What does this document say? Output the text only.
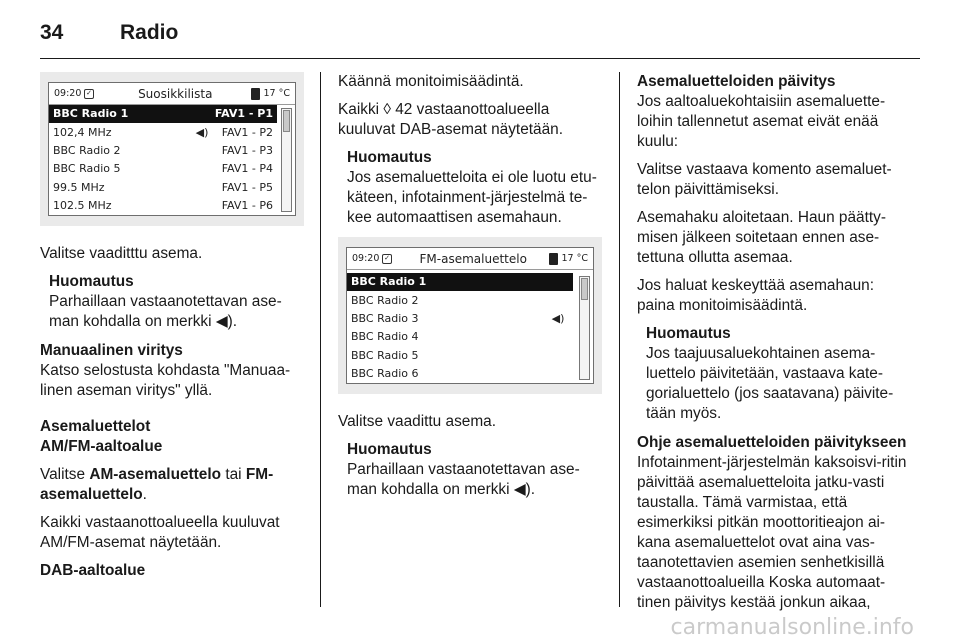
34	Radio
09:20 ✓	Suosikkilista	17 °C
BBC Radio 1	FAV1 - P1
102,4 MHz	◀)	FAV1 - P2
BBC Radio 2	FAV1 - P3
BBC Radio 5	FAV1 - P4
99.5 MHz	FAV1 - P5
102.5 MHz	FAV1 - P6
Valitse vaaditttu asema.
Huomautus
Parhaillaan vastaanotettavan ase-man kohdalla on merkki ◀).
Manuaalinen viritys
Katso selostusta kohdasta "Manuaa-linen aseman viritys" yllä.
Asemaluettelot
AM/FM-aaltoalue
Valitse AM-asemaluettelo tai FM-asemaluettelo.
Kaikki vastaanottoalueella kuuluvat AM/FM-asemat näytetään.
DAB-aaltoalue
Käännä monitoimisäädintä.
Kaikki ◊ 42 vastaanottoalueella kuuluvat DAB-asemat näytetään.
Huomautus
Jos asemaluetteloita ei ole luotu etu-käteen, infotainment-järjestelmä te-kee automaattisen asemahaun.
09:20 ✓	FM-asemaluettelo	17 °C
BBC Radio 1
BBC Radio 2
BBC Radio 3	◀)
BBC Radio 4
BBC Radio 5
BBC Radio 6
Valitse vaadittu asema.
Huomautus
Parhaillaan vastaanotettavan ase-man kohdalla on merkki ◀).
Asemaluetteloiden päivitys
Jos aaltoaluekohtaisiin asemaluette-loihin tallennetut asemat eivät enää kuulu:
Valitse vastaava komento asemaluet-telon päivittämiseksi.
Asemahaku aloitetaan. Haun päätty-misen jälkeen soitetaan ennen ase-tettuna ollutta asemaa.
Jos haluat keskeyttää asemahaun: paina monitoimisäädintä.
Huomautus
Jos taajuusaluekohtainen asema-luettelo päivitetään, vastaava kate-gorialuettelo (jos saatavana) päivite-tään myös.
Ohje asemaluetteloiden päivitykseen
Infotainment-järjestelmän kaksoisvi-ritin päivittää asemaluetteloita jatku-vasti taustalla. Tämä varmistaa, että esimerkiksi pitkän moottoritieajon ai-kana asemaluettelot ovat aina vas-taanotettavien asemien senhetkisillä vastaanottoalueilla Koska automaat-tinen päivitys kestää jonkun aikaa,
carmanualsonline.info
